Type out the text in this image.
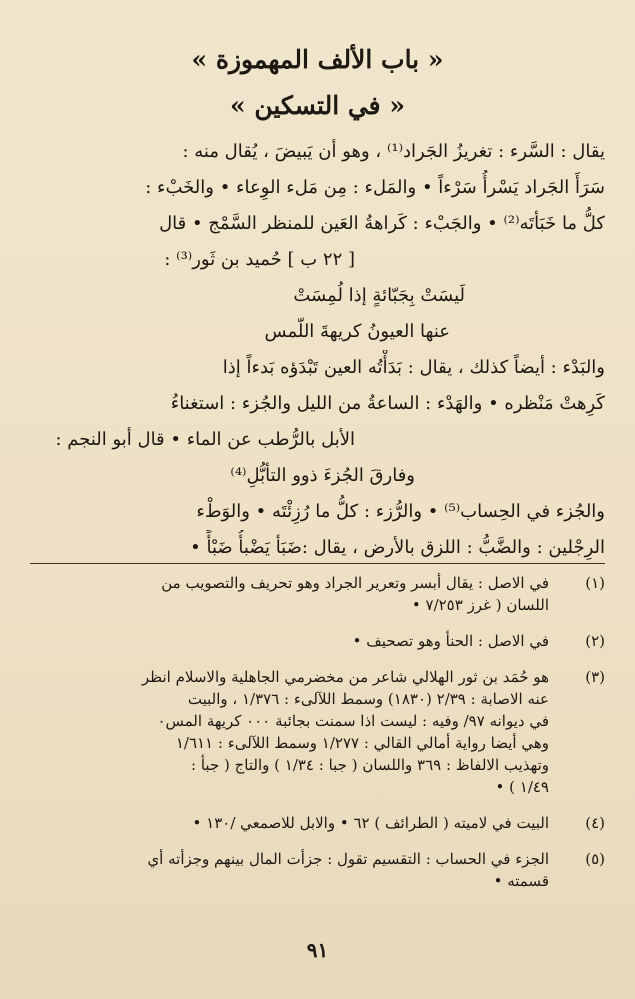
« باب الألف المهموزة »
« في التسكين »
يقال : السَّرء : تغريزُ الجَراد⁽¹⁾ ، وهو أن يَبيضَ ، يُقال منه :
سَرَأَ الجَراد يَسْرأُ سَرْءاً • والمَلء : مِن مَلء الوِعاء • والخَبْء :
كلُّ ما خَبَأتَه⁽²⁾ • والجَبْء : كَراهةُ العَين للمنظر السَّمْج • قال
[ ٢٢ ب ] حُميد بن ثَور⁽³⁾ :
لَيسَتْ بِجَبّائةٍ إذا لُمِسَتْ
عنها العيونُ كريهةَ اللّمس
والبَدْء : أيضاً كذلك ، يقال : بَدَأْتُه العين تَبْدَؤه بَدءاً إذا
كَرِهتْ مَنْظره • والهَدْء : الساعةُ من الليل والجُزء : استغناءُ
الأبل بالرُّطب عن الماء • قال أبو النجم :
وفارقَ الجُزءَ ذوو التأبُّلِ⁽⁴⁾
والجُزء في الحِساب⁽⁵⁾ • والرُّزء : كلُّ ما رُزِئْتَه • والوَطْء
الرِجْلين : والضَّبُّ : اللزق بالأرض ، يقال :ضَبَأ يَضْبأُ ضَبْأً •
(١)
في الاصل : يقال أبسر وتعرير الجراد وهو تحريف والتصويب من
اللسان ( غرز ٧/٢٥٣ •
(٢)
في الاصل : الحنأ وهو تصحيف •
(٣)
هو حُمَد بن ثور الهلالي شاعر من مخضرمي الجاهلية والاسلام انظر
عنه الاصابة : ٢/٣٩ (١٨٣٠) وسمط اللآلىء : ١/٣٧٦ ، والبيت
في ديوانه ٩٧/ وفيه : ليست اذا سمنت بجائبة ٠٠٠ كريهة المس٠
وهي أيضا رواية أمالي القالي : ١/٢٧٧ وسمط اللآلىء : ١/٦١١
وتهذيب الالفاظ : ٣٦٩ واللسان ( جبا : ١/٣٤ ) والتاج ( جبأ :
١/٤٩ ) •
(٤)
البيت في لاميته ( الطرائف ) ٦٢ • والابل للاصمعي /١٣٠ •
(٥)
الجزء في الحساب : التقسيم تقول : جزأت المال بينهم وجزأته أي
قسمته •
٩١
